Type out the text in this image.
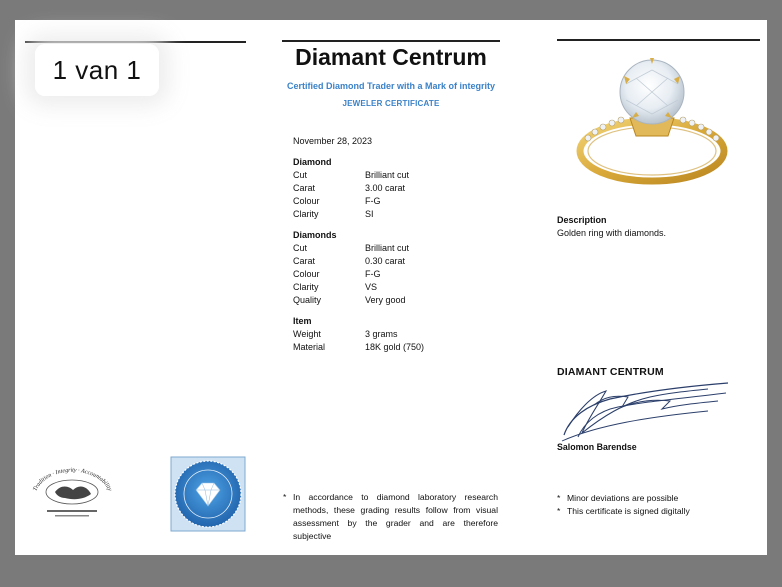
1 van 1	Diamant Centrum
Certified Diamond Trader with a Mark of integrity
JEWELER CERTIFICATE
November 28, 2023
Diamond
Cut	Brilliant cut
Carat	3.00 carat
Colour	F-G
Clarity	SI
Diamonds
Cut	Brilliant cut
Carat	0.30 carat
Colour	F-G
Clarity	VS
Quality	Very good
Item
Weight	3 grams
Material	18K gold (750)
* In accordance to diamond laboratory research methods, these grading results follow from visual assessment by the grader and are therefore subjective
Description
Golden ring with diamonds.
DIAMANT CENTRUM
Salomon Barendse
* Minor deviations are possible
* This certificate is signed digitally
Tradition · Integrity · Accountability
